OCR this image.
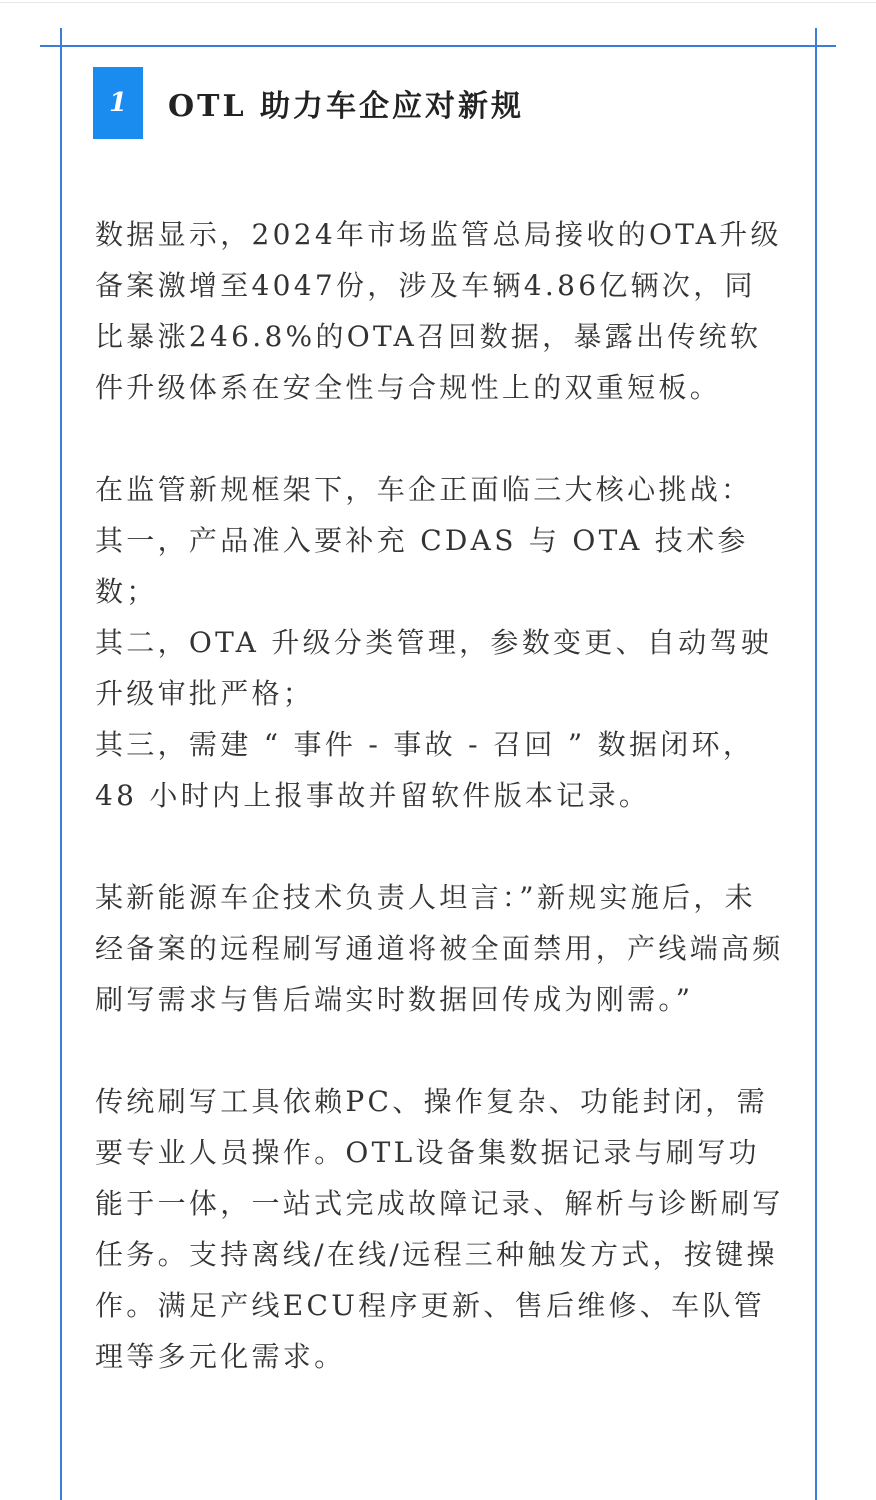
1	OTL 助力车企应对新规

数据显示，2024年市场监管总局接收的OTA升级备案激增至4047份，涉及车辆4.86亿辆次，同比暴涨246.8%的OTA召回数据，暴露出传统软件升级体系在安全性与合规性上的双重短板。

在监管新规框架下，车企正面临三大核心挑战：

其一，产品准入要补充 CDAS 与 OTA 技术参数；

其二，OTA 升级分类管理，参数变更、自动驾驶升级审批严格；

其三，需建 “ 事件 - 事故 - 召回 ” 数据闭环，48 小时内上报事故并留软件版本记录。

某新能源车企技术负责人坦言：”新规实施后，未经备案的远程刷写通道将被全面禁用，产线端高频刷写需求与售后端实时数据回传成为刚需。”

传统刷写工具依赖PC、操作复杂、功能封闭，需要专业人员操作。OTL设备集数据记录与刷写功能于一体，一站式完成故障记录、解析与诊断刷写任务。支持离线/在线/远程三种触发方式，按键操作。满足产线ECU程序更新、售后维修、车队管理等多元化需求。
